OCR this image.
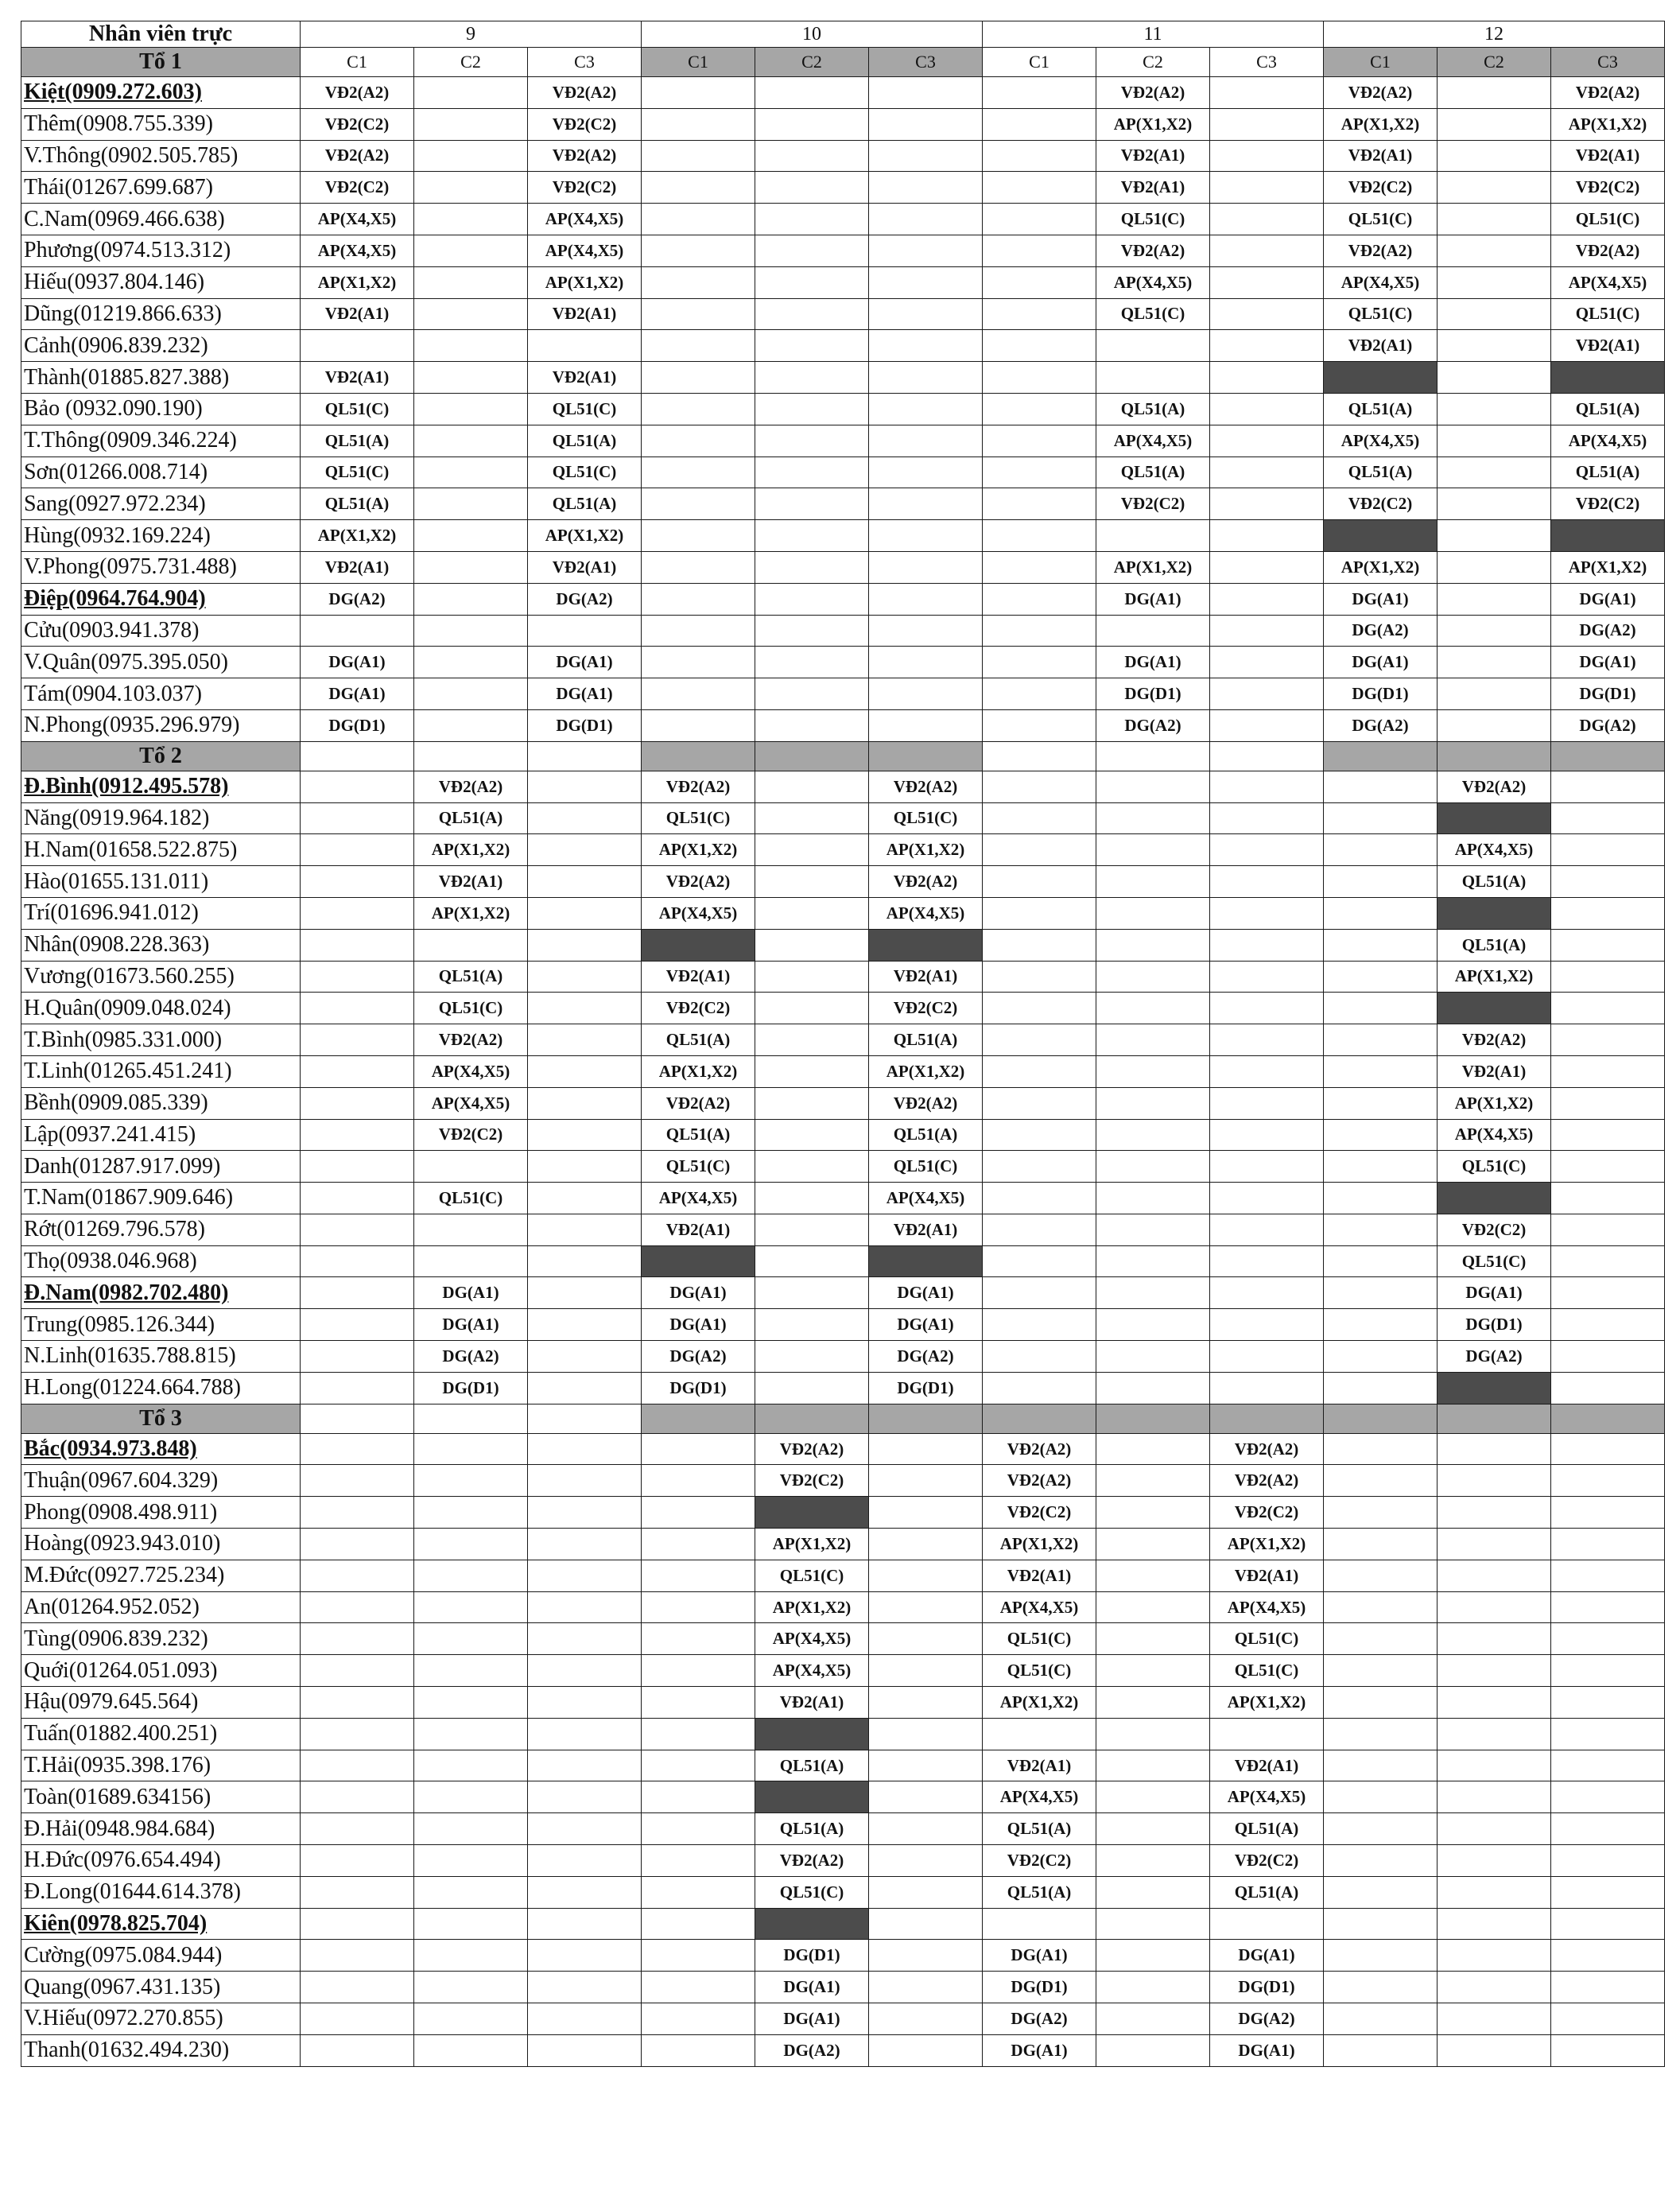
Nhân viên trực	9			10			11			12		
Tổ 1	C1	C2	C3	C1	C2	C3	C1	C2	C3	C1	C2	C3
Kiệt(0909.272.603)	VĐ2(A2)		VĐ2(A2)					VĐ2(A2)		VĐ2(A2)		VĐ2(A2)
Thêm(0908.755.339)	VĐ2(C2)		VĐ2(C2)					AP(X1,X2)		AP(X1,X2)		AP(X1,X2)
V.Thông(0902.505.785)	VĐ2(A2)		VĐ2(A2)					VĐ2(A1)		VĐ2(A1)		VĐ2(A1)
Thái(01267.699.687)	VĐ2(C2)		VĐ2(C2)					VĐ2(A1)		VĐ2(C2)		VĐ2(C2)
C.Nam(0969.466.638)	AP(X4,X5)		AP(X4,X5)					QL51(C)		QL51(C)		QL51(C)
Phương(0974.513.312)	AP(X4,X5)		AP(X4,X5)					VĐ2(A2)		VĐ2(A2)		VĐ2(A2)
Hiếu(0937.804.146)	AP(X1,X2)		AP(X1,X2)					AP(X4,X5)		AP(X4,X5)		AP(X4,X5)
Dũng(01219.866.633)	VĐ2(A1)		VĐ2(A1)					QL51(C)		QL51(C)		QL51(C)
Cảnh(0906.839.232)										VĐ2(A1)		VĐ2(A1)
Thành(01885.827.388)	VĐ2(A1)		VĐ2(A1)									
Bảo (0932.090.190)	QL51(C)		QL51(C)					QL51(A)		QL51(A)		QL51(A)
T.Thông(0909.346.224)	QL51(A)		QL51(A)					AP(X4,X5)		AP(X4,X5)		AP(X4,X5)
Sơn(01266.008.714)	QL51(C)		QL51(C)					QL51(A)		QL51(A)		QL51(A)
Sang(0927.972.234)	QL51(A)		QL51(A)					VĐ2(C2)		VĐ2(C2)		VĐ2(C2)
Hùng(0932.169.224)	AP(X1,X2)		AP(X1,X2)									
V.Phong(0975.731.488)	VĐ2(A1)		VĐ2(A1)					AP(X1,X2)		AP(X1,X2)		AP(X1,X2)
Điệp(0964.764.904)	DG(A2)		DG(A2)					DG(A1)		DG(A1)		DG(A1)
Cửu(0903.941.378)										DG(A2)		DG(A2)
V.Quân(0975.395.050)	DG(A1)		DG(A1)					DG(A1)		DG(A1)		DG(A1)
Tám(0904.103.037)	DG(A1)		DG(A1)					DG(D1)		DG(D1)		DG(D1)
N.Phong(0935.296.979)	DG(D1)		DG(D1)					DG(A2)		DG(A2)		DG(A2)
Tổ 2												
Đ.Bình(0912.495.578)		VĐ2(A2)		VĐ2(A2)		VĐ2(A2)					VĐ2(A2)	
Năng(0919.964.182)		QL51(A)		QL51(C)		QL51(C)						
H.Nam(01658.522.875)		AP(X1,X2)		AP(X1,X2)		AP(X1,X2)					AP(X4,X5)	
Hào(01655.131.011)		VĐ2(A1)		VĐ2(A2)		VĐ2(A2)					QL51(A)	
Trí(01696.941.012)		AP(X1,X2)		AP(X4,X5)		AP(X4,X5)						
Nhân(0908.228.363)											QL51(A)	
Vương(01673.560.255)		QL51(A)		VĐ2(A1)		VĐ2(A1)					AP(X1,X2)	
H.Quân(0909.048.024)		QL51(C)		VĐ2(C2)		VĐ2(C2)						
T.Bình(0985.331.000)		VĐ2(A2)		QL51(A)		QL51(A)					VĐ2(A2)	
T.Linh(01265.451.241)		AP(X4,X5)		AP(X1,X2)		AP(X1,X2)					VĐ2(A1)	
Bềnh(0909.085.339)		AP(X4,X5)		VĐ2(A2)		VĐ2(A2)					AP(X1,X2)	
Lập(0937.241.415)		VĐ2(C2)		QL51(A)		QL51(A)					AP(X4,X5)	
Danh(01287.917.099)				QL51(C)		QL51(C)					QL51(C)	
T.Nam(01867.909.646)		QL51(C)		AP(X4,X5)		AP(X4,X5)						
Rớt(01269.796.578)				VĐ2(A1)		VĐ2(A1)					VĐ2(C2)	
Thọ(0938.046.968)											QL51(C)	
Đ.Nam(0982.702.480)		DG(A1)		DG(A1)		DG(A1)					DG(A1)	
Trung(0985.126.344)		DG(A1)		DG(A1)		DG(A1)					DG(D1)	
N.Linh(01635.788.815)		DG(A2)		DG(A2)		DG(A2)					DG(A2)	
H.Long(01224.664.788)		DG(D1)		DG(D1)		DG(D1)						
Tổ 3												
Bắc(0934.973.848)					VĐ2(A2)		VĐ2(A2)		VĐ2(A2)			
Thuận(0967.604.329)					VĐ2(C2)		VĐ2(A2)		VĐ2(A2)			
Phong(0908.498.911)							VĐ2(C2)		VĐ2(C2)			
Hoàng(0923.943.010)					AP(X1,X2)		AP(X1,X2)		AP(X1,X2)			
M.Đức(0927.725.234)					QL51(C)		VĐ2(A1)		VĐ2(A1)			
An(01264.952.052)					AP(X1,X2)		AP(X4,X5)		AP(X4,X5)			
Tùng(0906.839.232)					AP(X4,X5)		QL51(C)		QL51(C)			
Quới(01264.051.093)					AP(X4,X5)		QL51(C)		QL51(C)			
Hậu(0979.645.564)					VĐ2(A1)		AP(X1,X2)		AP(X1,X2)			
Tuấn(01882.400.251)												
T.Hải(0935.398.176)					QL51(A)		VĐ2(A1)		VĐ2(A1)			
Toàn(01689.634156)							AP(X4,X5)		AP(X4,X5)			
Đ.Hải(0948.984.684)					QL51(A)		QL51(A)		QL51(A)			
H.Đức(0976.654.494)					VĐ2(A2)		VĐ2(C2)		VĐ2(C2)			
Đ.Long(01644.614.378)					QL51(C)		QL51(A)		QL51(A)			
Kiên(0978.825.704)												
Cường(0975.084.944)					DG(D1)		DG(A1)		DG(A1)			
Quang(0967.431.135)					DG(A1)		DG(D1)		DG(D1)			
V.Hiếu(0972.270.855)					DG(A1)		DG(A2)		DG(A2)			
Thanh(01632.494.230)					DG(A2)		DG(A1)		DG(A1)			
